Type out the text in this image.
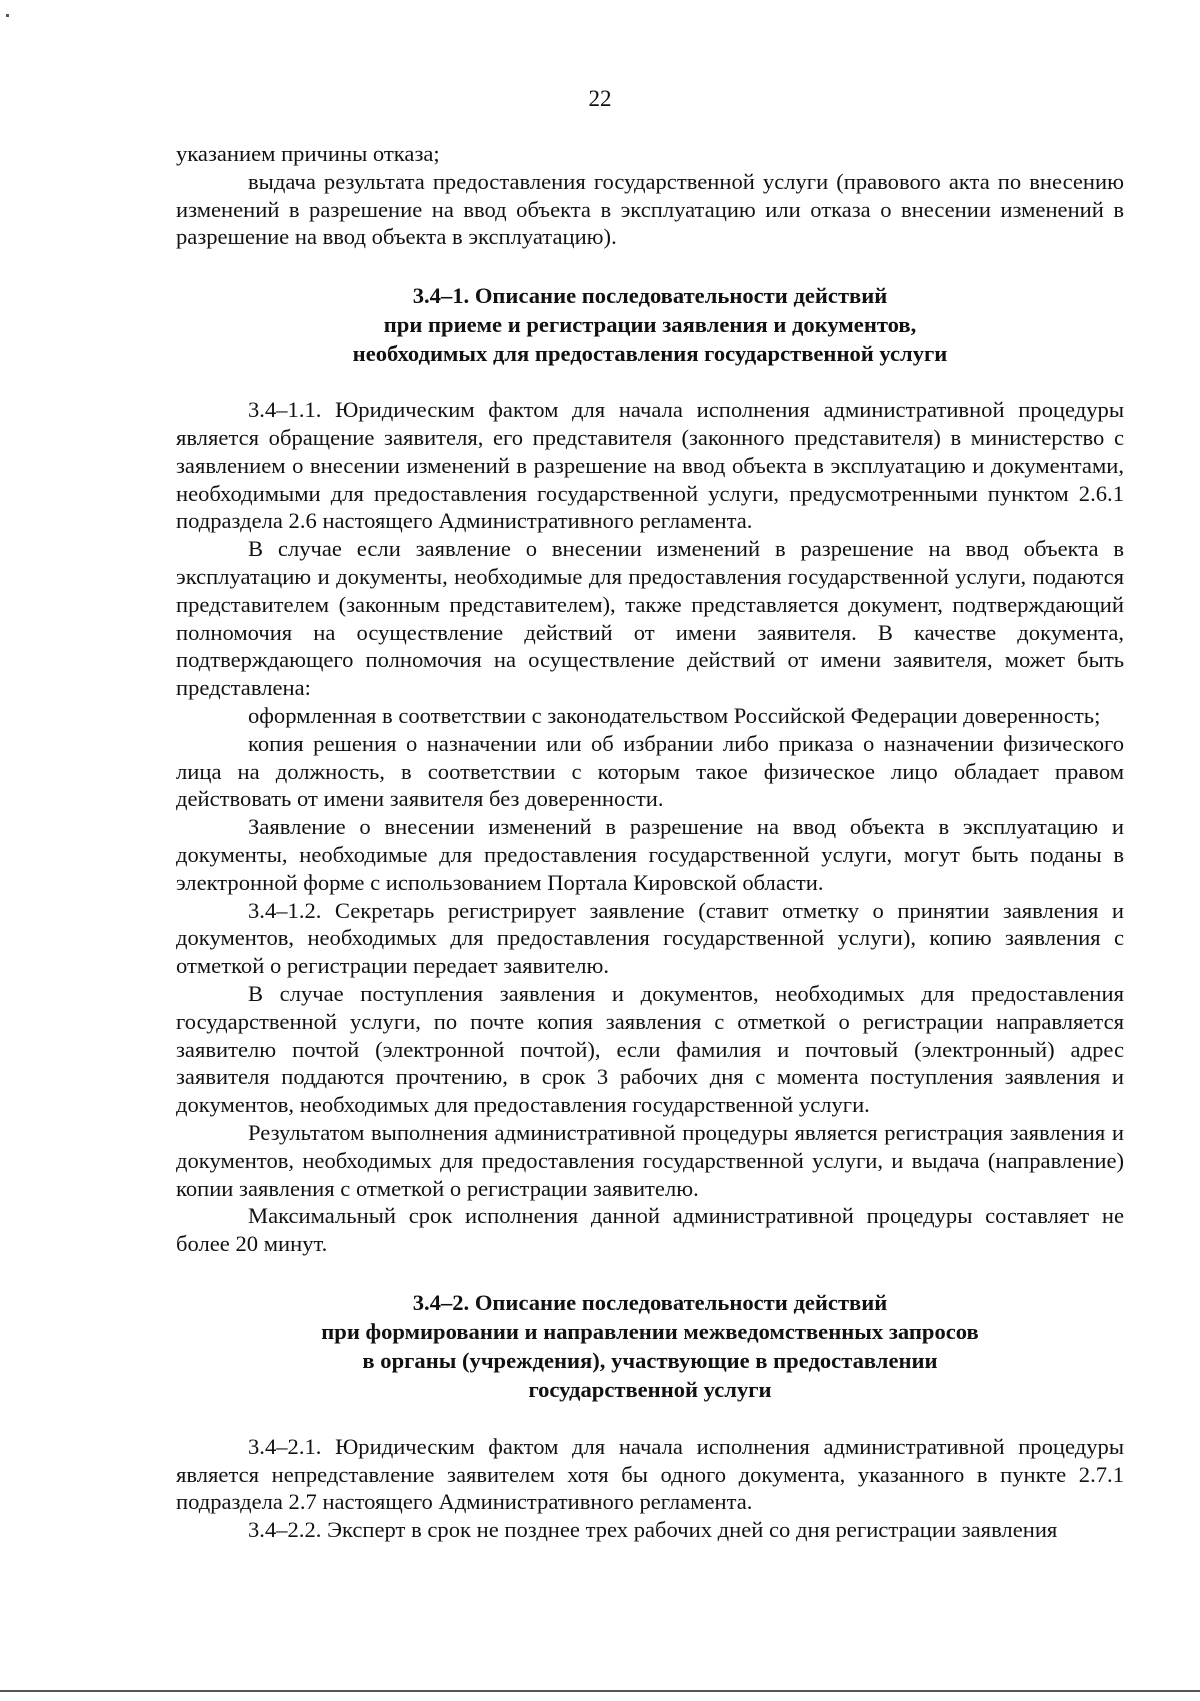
22

указанием причины отказа;

выдача результата предоставления государственной услуги (правового акта по внесению изменений в разрешение на ввод объекта в эксплуатацию или отказа о внесении изменений в разрешение на ввод объекта в эксплуатацию).

3.4–1. Описание последовательности действий
при приеме и регистрации заявления и документов,
необходимых для предоставления государственной услуги

3.4–1.1. Юридическим фактом для начала исполнения административной процедуры является обращение заявителя, его представителя (законного представителя) в министерство с заявлением о внесении изменений в разрешение на ввод объекта в эксплуатацию и документами, необходимыми для предоставления государственной услуги, предусмотренными пунктом 2.6.1 подраздела 2.6 настоящего Административного регламента.

В случае если заявление о внесении изменений в разрешение на ввод объекта в эксплуатацию и документы, необходимые для предоставления государственной услуги, подаются представителем (законным представителем), также представляется документ, подтверждающий полномочия на осуществление действий от имени заявителя. В качестве документа, подтверждающего полномочия на осуществление действий от имени заявителя, может быть представлена:

оформленная в соответствии с законодательством Российской Федерации доверенность;

копия решения о назначении или об избрании либо приказа о назначении физического лица на должность, в соответствии с которым такое физическое лицо обладает правом действовать от имени заявителя без доверенности.

Заявление о внесении изменений в разрешение на ввод объекта в эксплуатацию и документы, необходимые для предоставления государственной услуги, могут быть поданы в электронной форме с использованием Портала Кировской области.

3.4–1.2. Секретарь регистрирует заявление (ставит отметку о принятии заявления и документов, необходимых для предоставления государственной услуги), копию заявления с отметкой о регистрации передает заявителю.

В случае поступления заявления и документов, необходимых для предоставления государственной услуги, по почте копия заявления с отметкой о регистрации направляется заявителю почтой (электронной почтой), если фамилия и почтовый (электронный) адрес заявителя поддаются прочтению, в срок 3 рабочих дня с момента поступления заявления и документов, необходимых для предоставления государственной услуги.

Результатом выполнения административной процедуры является регистрация заявления и документов, необходимых для предоставления государственной услуги, и выдача (направление) копии заявления с отметкой о регистрации заявителю.

Максимальный срок исполнения данной административной процедуры составляет не более 20 минут.

3.4–2. Описание последовательности действий
при формировании и направлении межведомственных запросов
в органы (учреждения), участвующие в предоставлении
государственной услуги

3.4–2.1. Юридическим фактом для начала исполнения административной процедуры является непредставление заявителем хотя бы одного документа, указанного в пункте 2.7.1 подраздела 2.7 настоящего Административного регламента.

3.4–2.2. Эксперт в срок не позднее трех рабочих дней со дня регистрации заявления
